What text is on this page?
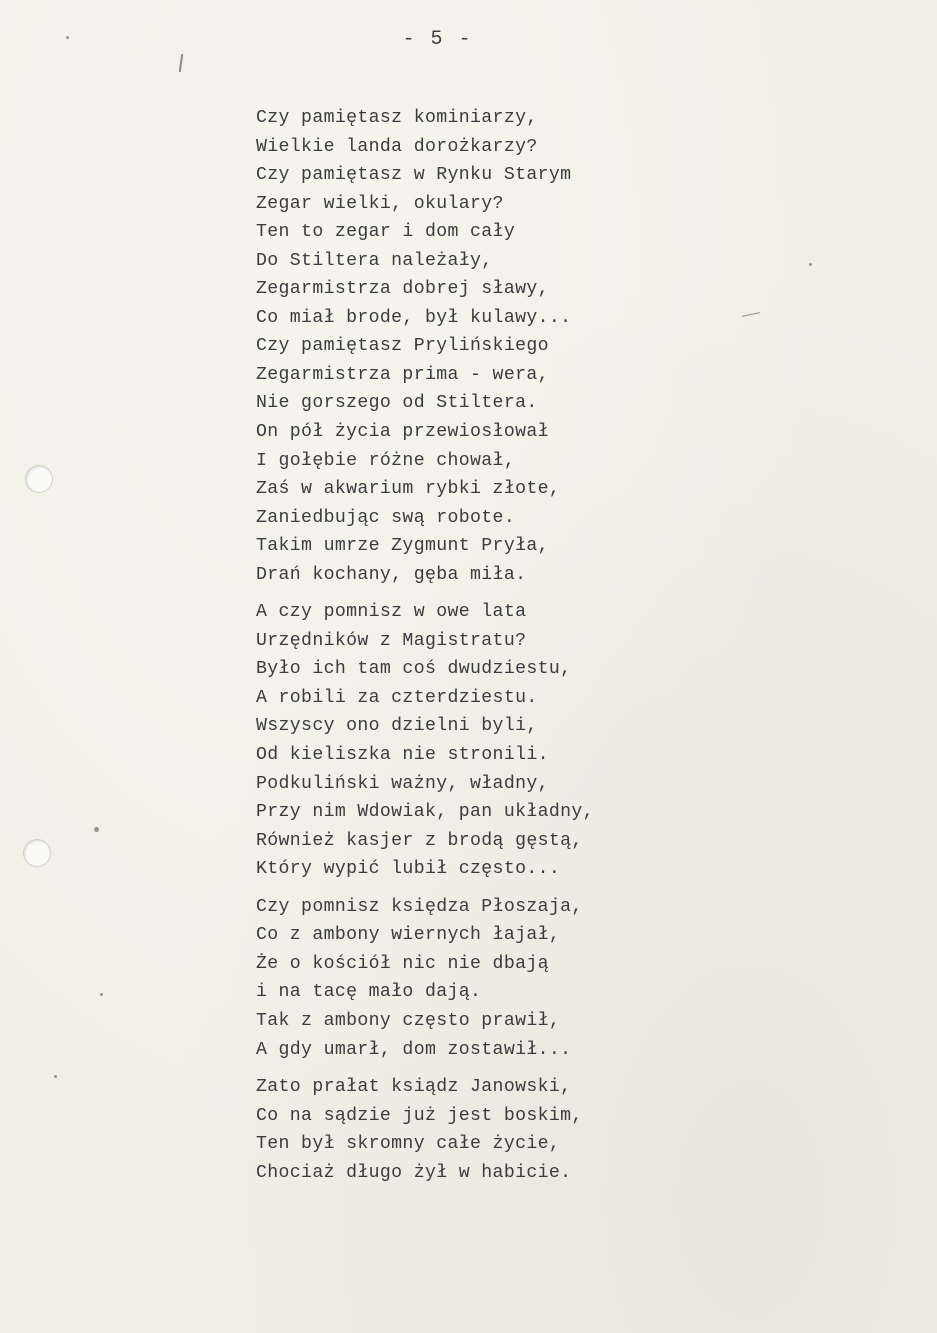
- 5 -
Czy pamiętasz kominiarzy,
Wielkie landa dorożkarzy?
Czy pamiętasz w Rynku Starym
Zegar wielki, okulary?
Ten to zegar i dom cały
Do Stiltera należały,
Zegarmistrza dobrej sławy,
Co miał brode, był kulawy...
Czy pamiętasz Prylińskiego
Zegarmistrza prima - wera,
Nie gorszego od Stiltera.
On pół życia przewiosłował
I gołębie różne chował,
Zaś w akwarium rybki złote,
Zaniedbując swą robote.
Takim umrze Zygmunt Pryła,
Drań kochany, gęba miła.
A czy pomnisz w owe lata
Urzędników z Magistratu?
Było ich tam coś dwudziestu,
A robili za czterdziestu.
Wszyscy ono dzielni byli,
Od kieliszka nie stronili.
Podkuliński ważny, władny,
Przy nim Wdowiak, pan układny,
Również kasjer z brodą gęstą,
Który wypić lubił często...
Czy pomnisz księdza Płoszaja,
Co z ambony wiernych łajał,
Że o kościół nic nie dbają
i na tacę mało dają.
Tak z ambony często prawił,
A gdy umarł, dom zostawił...
Zato prałat ksiądz Janowski,
Co na sądzie już jest boskim,
Ten był skromny całe życie,
Chociaż długo żył w habicie.
